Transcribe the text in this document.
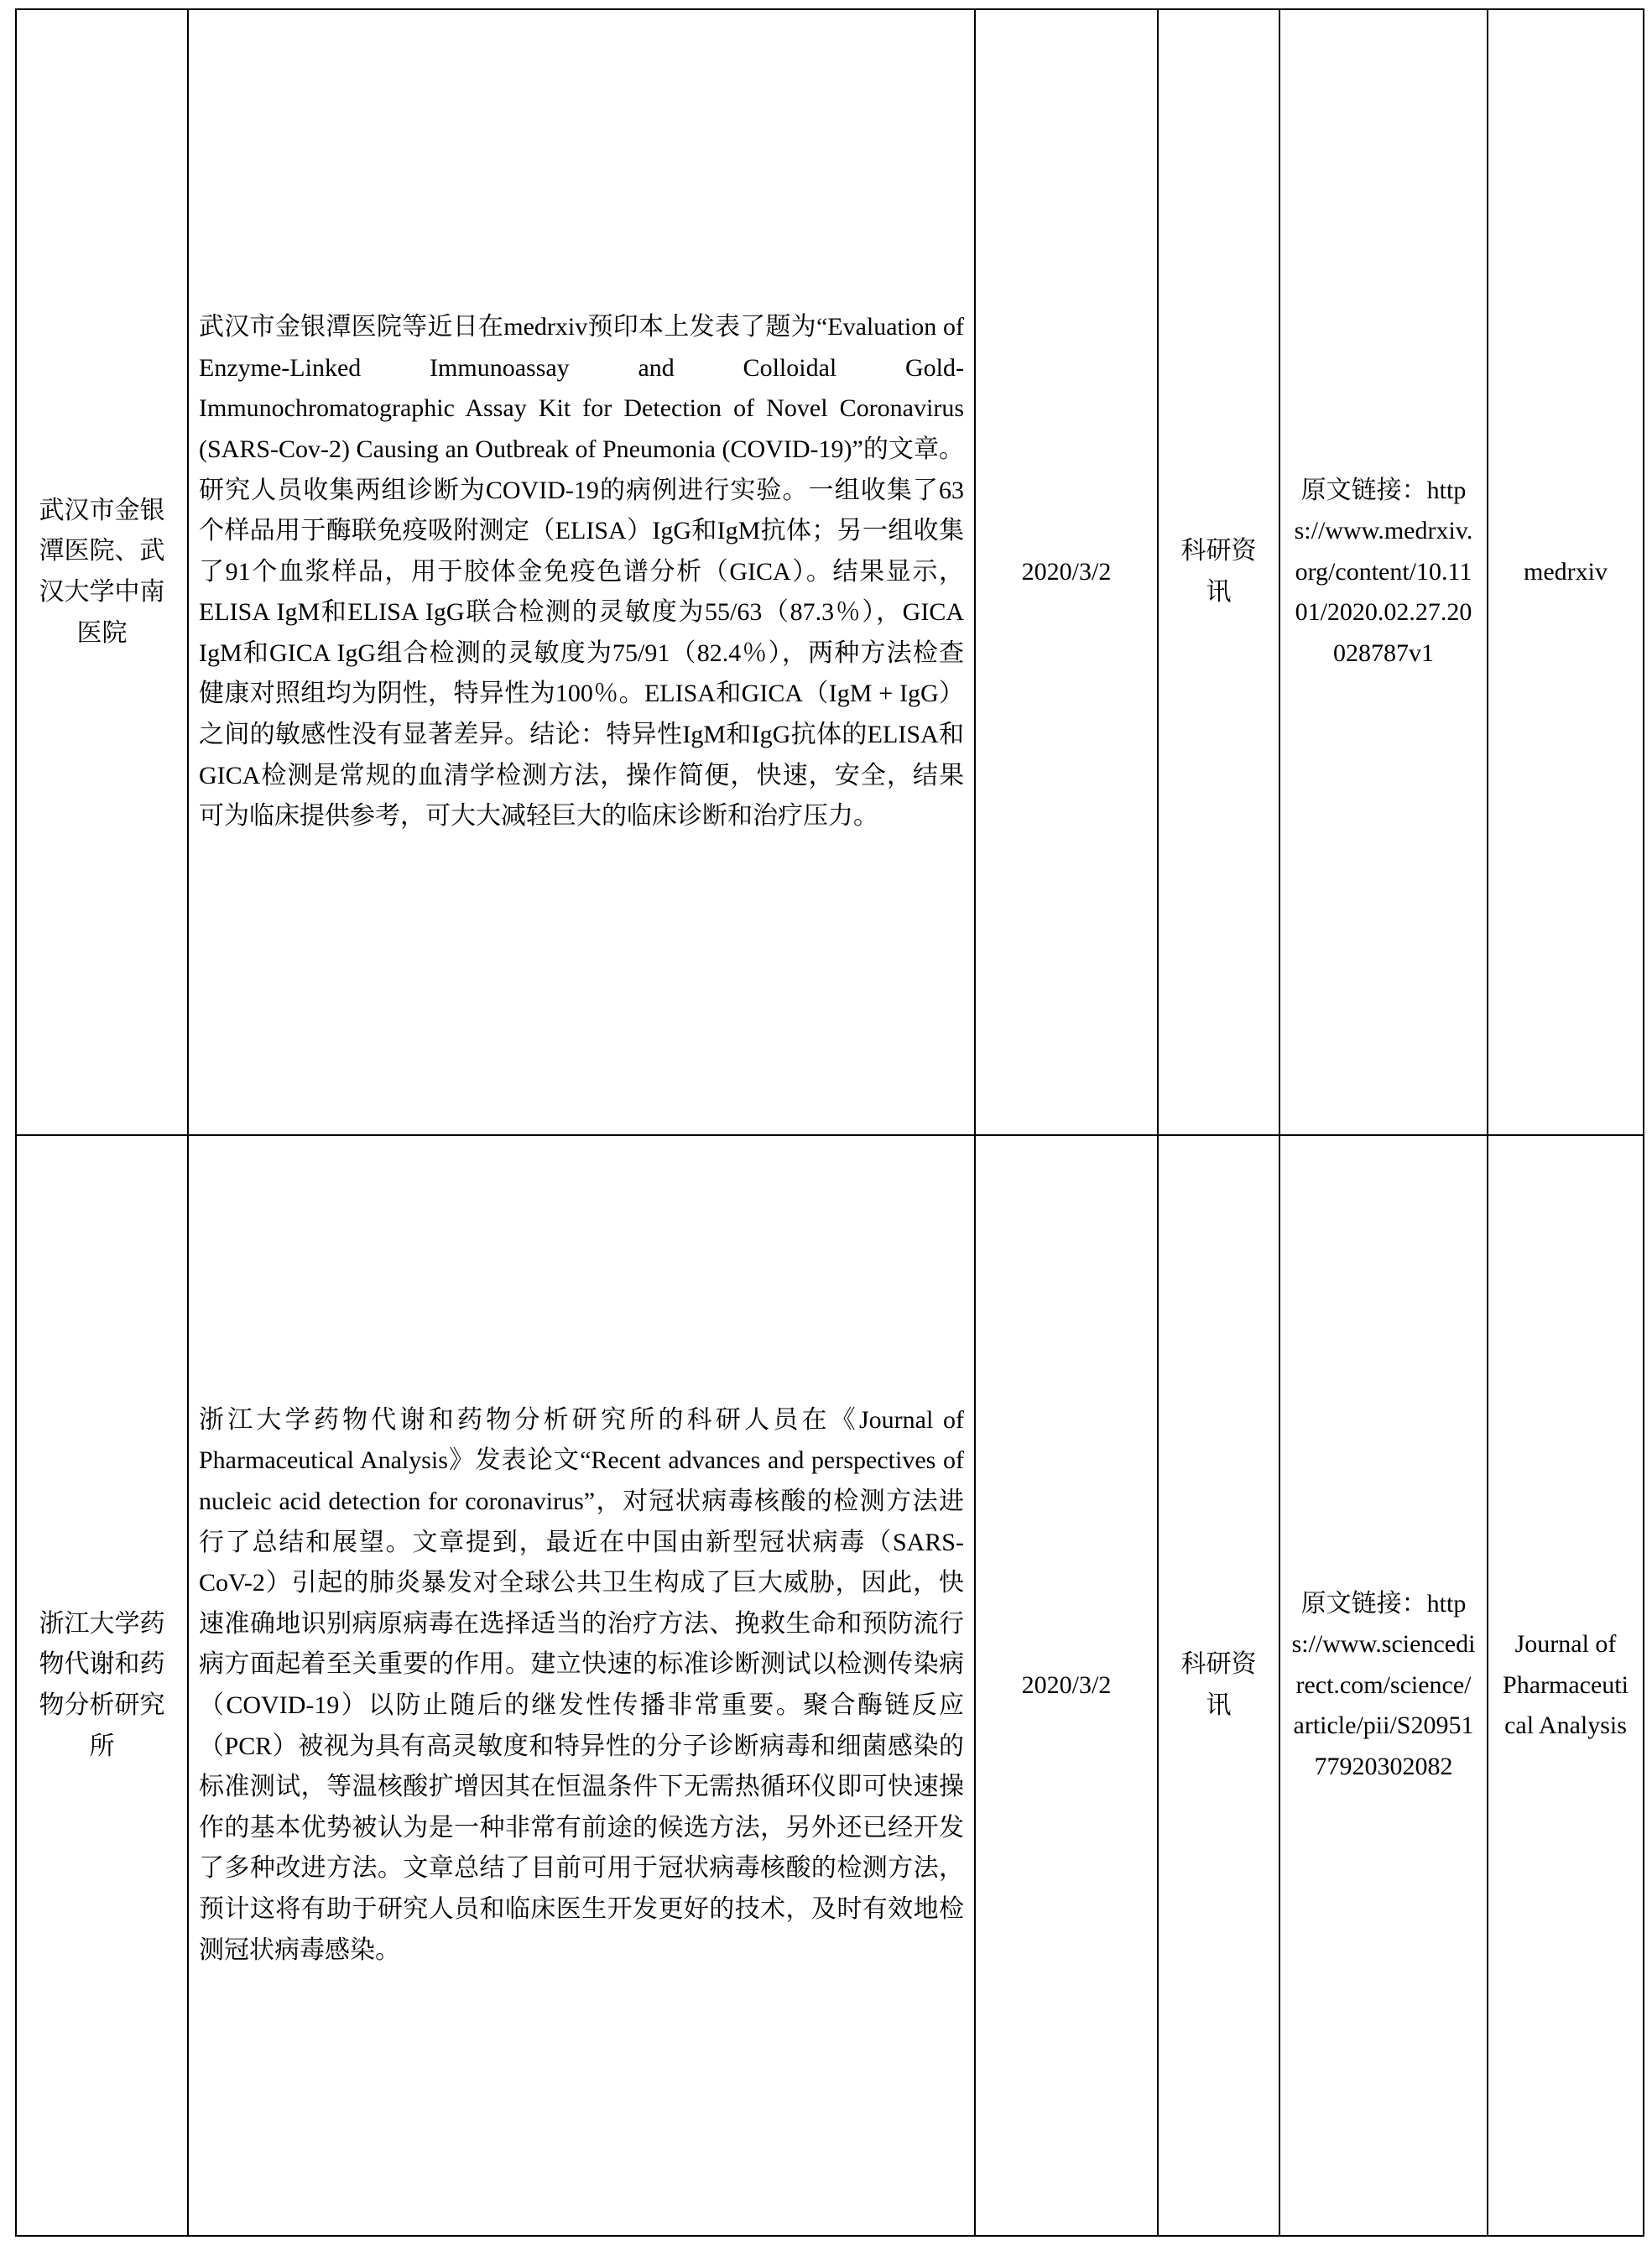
武汉市金银潭医院、武汉大学中南医院	武汉市金银潭医院等近日在medrxiv预印本上发表了题为“Evaluation of Enzyme-Linked Immunoassay and Colloidal Gold-Immunochromatographic Assay Kit for Detection of Novel Coronavirus (SARS-Cov-2) Causing an Outbreak of Pneumonia (COVID-19)”的文章。研究人员收集两组诊断为COVID-19的病例进行实验。一组收集了63个样品用于酶联免疫吸附测定（ELISA）IgG和IgM抗体；另一组收集了91个血浆样品，用于胶体金免疫色谱分析（GICA）。结果显示，ELISA IgM和ELISA IgG联合检测的灵敏度为55/63（87.3％），GICA IgM和GICA IgG组合检测的灵敏度为75/91（82.4％），两种方法检查健康对照组均为阴性，特异性为100％。ELISA和GICA（IgM + IgG）之间的敏感性没有显著差异。结论：特异性IgM和IgG抗体的ELISA和GICA检测是常规的血清学检测方法，操作简便，快速，安全，结果可为临床提供参考，可大大减轻巨大的临床诊断和治疗压力。	2020/3/2	科研资讯	原文链接：https://www.medrxiv.org/content/10.1101/2020.02.27.20028787v1	medrxiv
浙江大学药物代谢和药物分析研究所	浙江大学药物代谢和药物分析研究所的科研人员在《Journal of Pharmaceutical Analysis》发表论文“Recent advances and perspectives of nucleic acid detection for coronavirus”，对冠状病毒核酸的检测方法进行了总结和展望。文章提到，最近在中国由新型冠状病毒（SARS-CoV-2）引起的肺炎暴发对全球公共卫生构成了巨大威胁，因此，快速准确地识别病原病毒在选择适当的治疗方法、挽救生命和预防流行病方面起着至关重要的作用。建立快速的标准诊断测试以检测传染病（COVID-19）以防止随后的继发性传播非常重要。聚合酶链反应（PCR）被视为具有高灵敏度和特异性的分子诊断病毒和细菌感染的标准测试，等温核酸扩增因其在恒温条件下无需热循环仪即可快速操作的基本优势被认为是一种非常有前途的候选方法，另外还已经开发了多种改进方法。文章总结了目前可用于冠状病毒核酸的检测方法，预计这将有助于研究人员和临床医生开发更好的技术，及时有效地检测冠状病毒感染。	2020/3/2	科研资讯	原文链接：https://www.sciencedirect.com/science/article/pii/S2095177920302082	Journal of Pharmaceutical Analysis
